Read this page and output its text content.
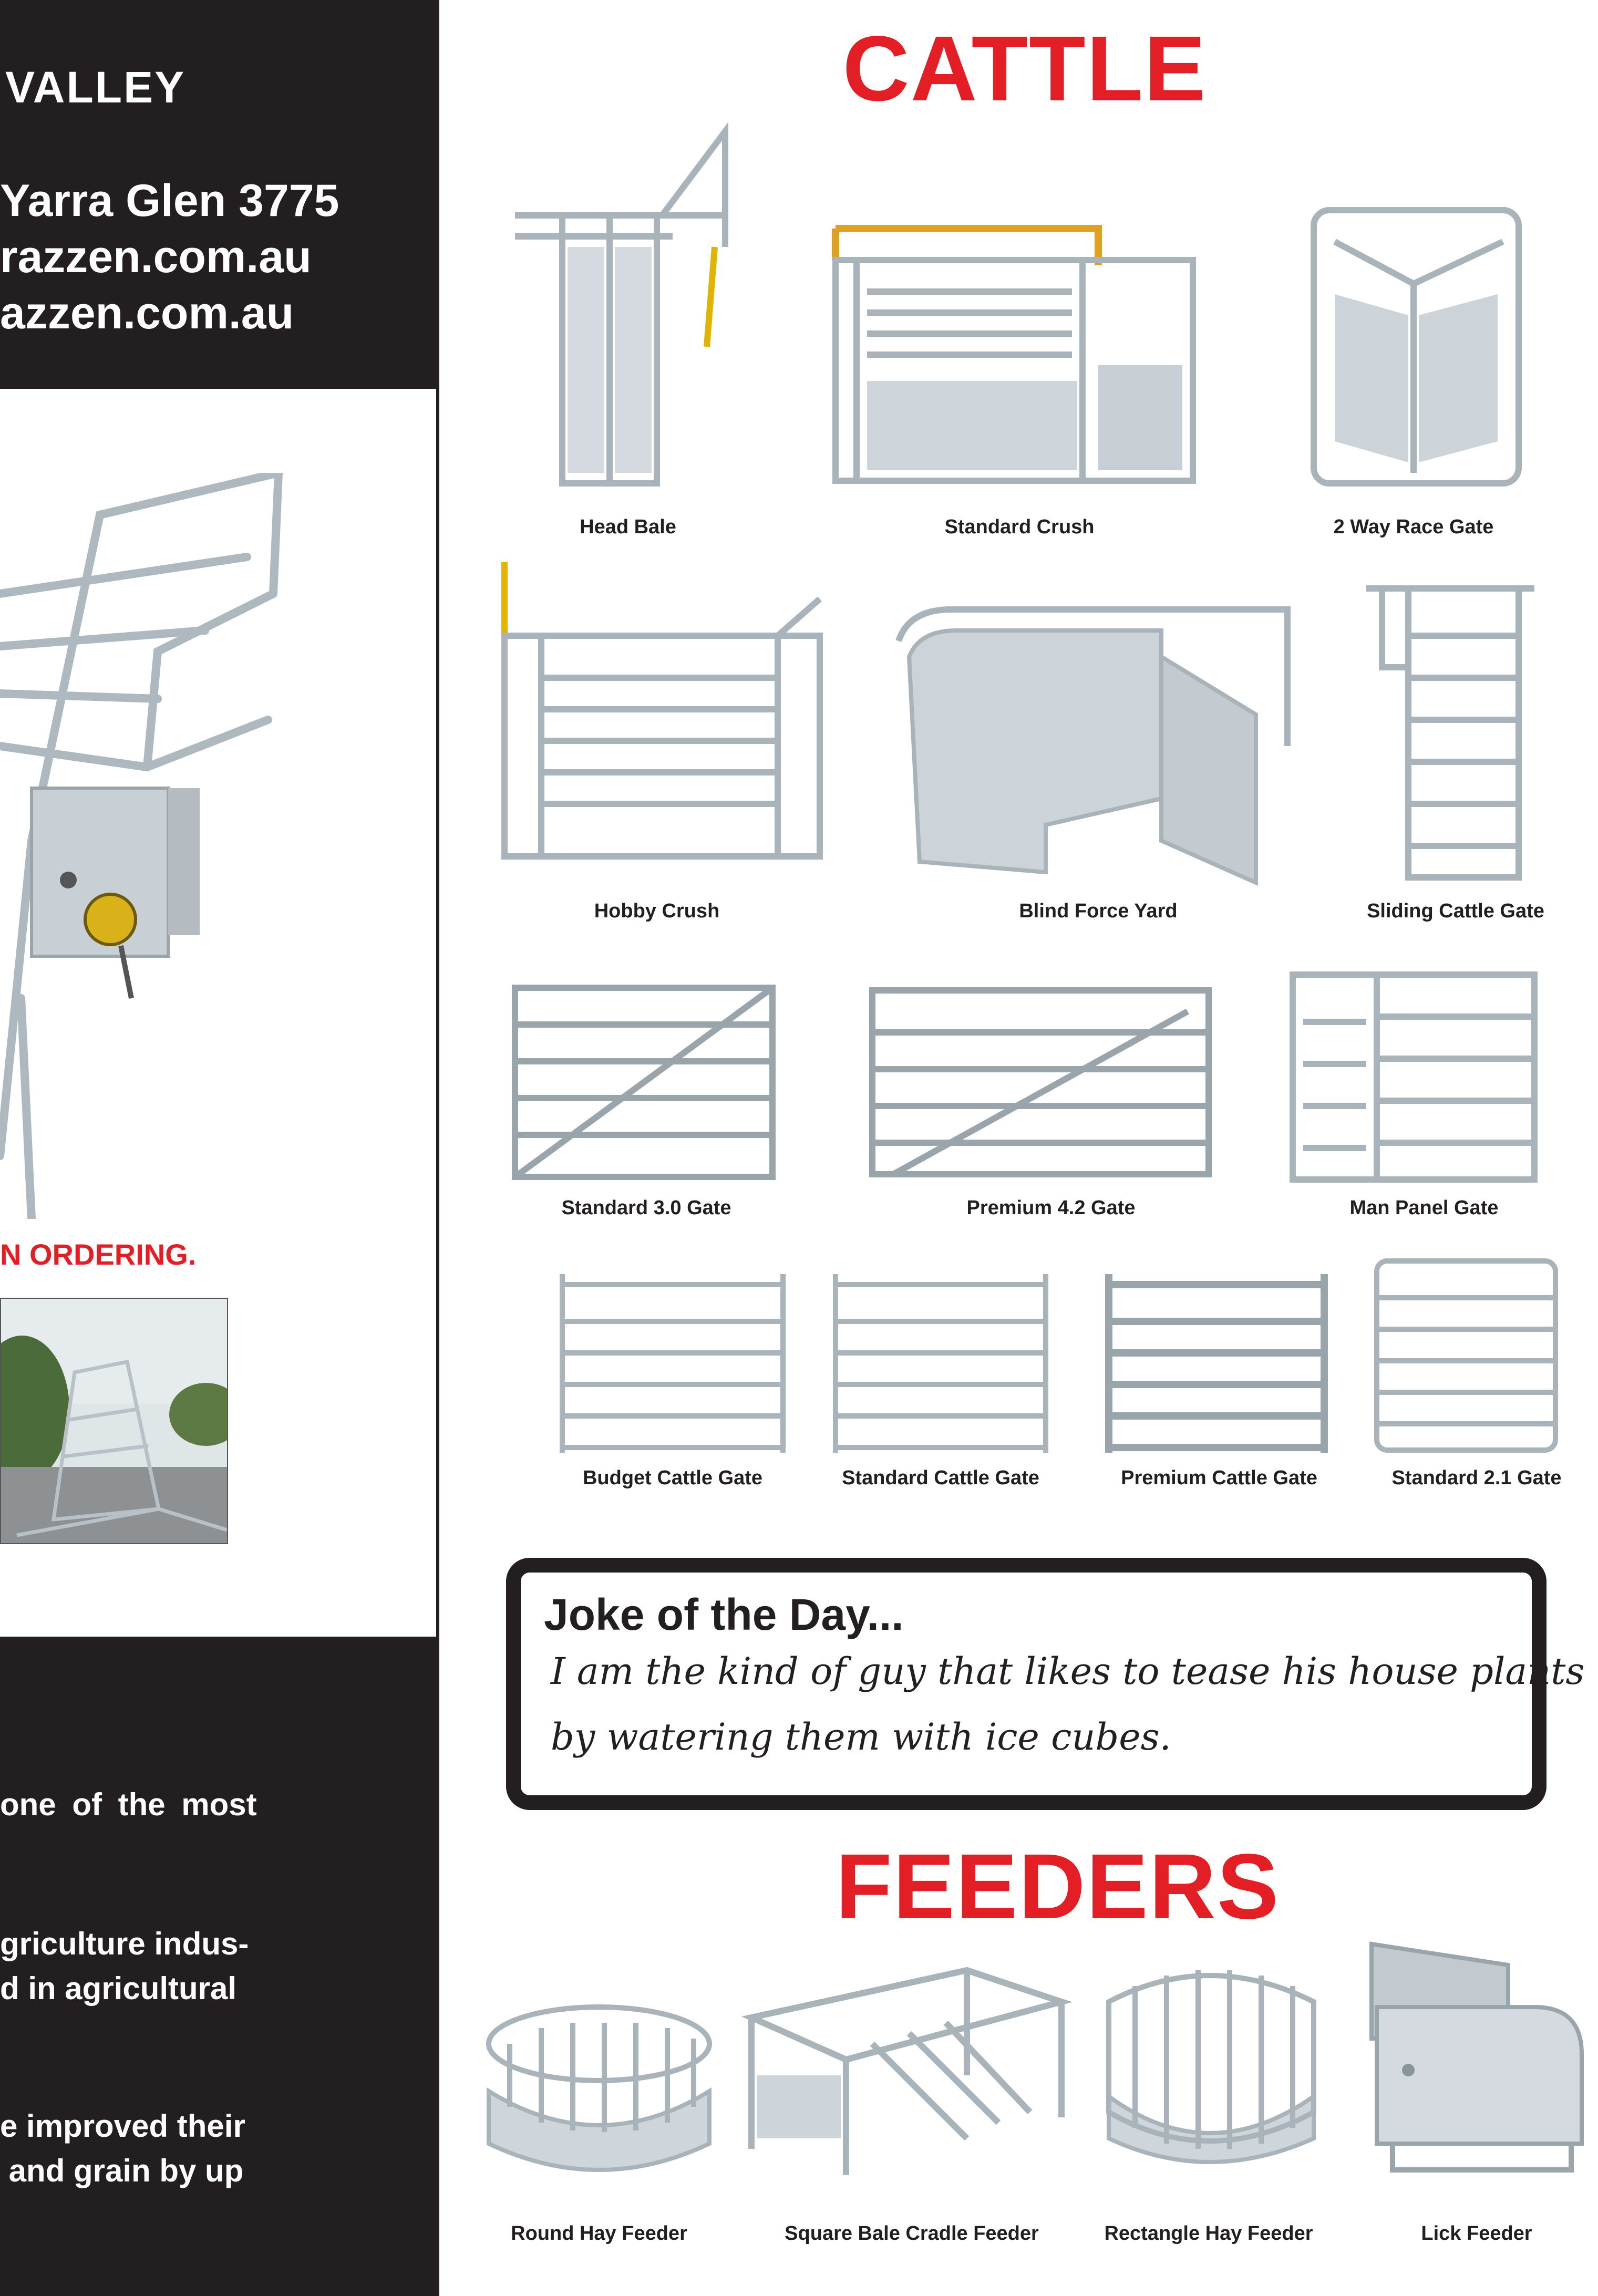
VALLEY
Yarra Glen 3775
razzen.com.au
azzen.com.au
N ORDERING.
one of the most
griculture indus-
d in agricultural
e improved their
and grain by up
CATTLE
Head Bale	Standard Crush	2 Way Race Gate
Hobby Crush	Blind Force Yard	Sliding Cattle Gate
Standard 3.0 Gate	Premium 4.2 Gate	Man Panel Gate
Budget Cattle Gate	Standard Cattle Gate	Premium Cattle Gate	Standard 2.1 Gate
Joke of the Day...
I am the kind of guy that likes to tease his house plants
by watering them with ice cubes.
FEEDERS
Round Hay Feeder	Square Bale Cradle Feeder	Rectangle Hay Feeder	Lick Feeder
